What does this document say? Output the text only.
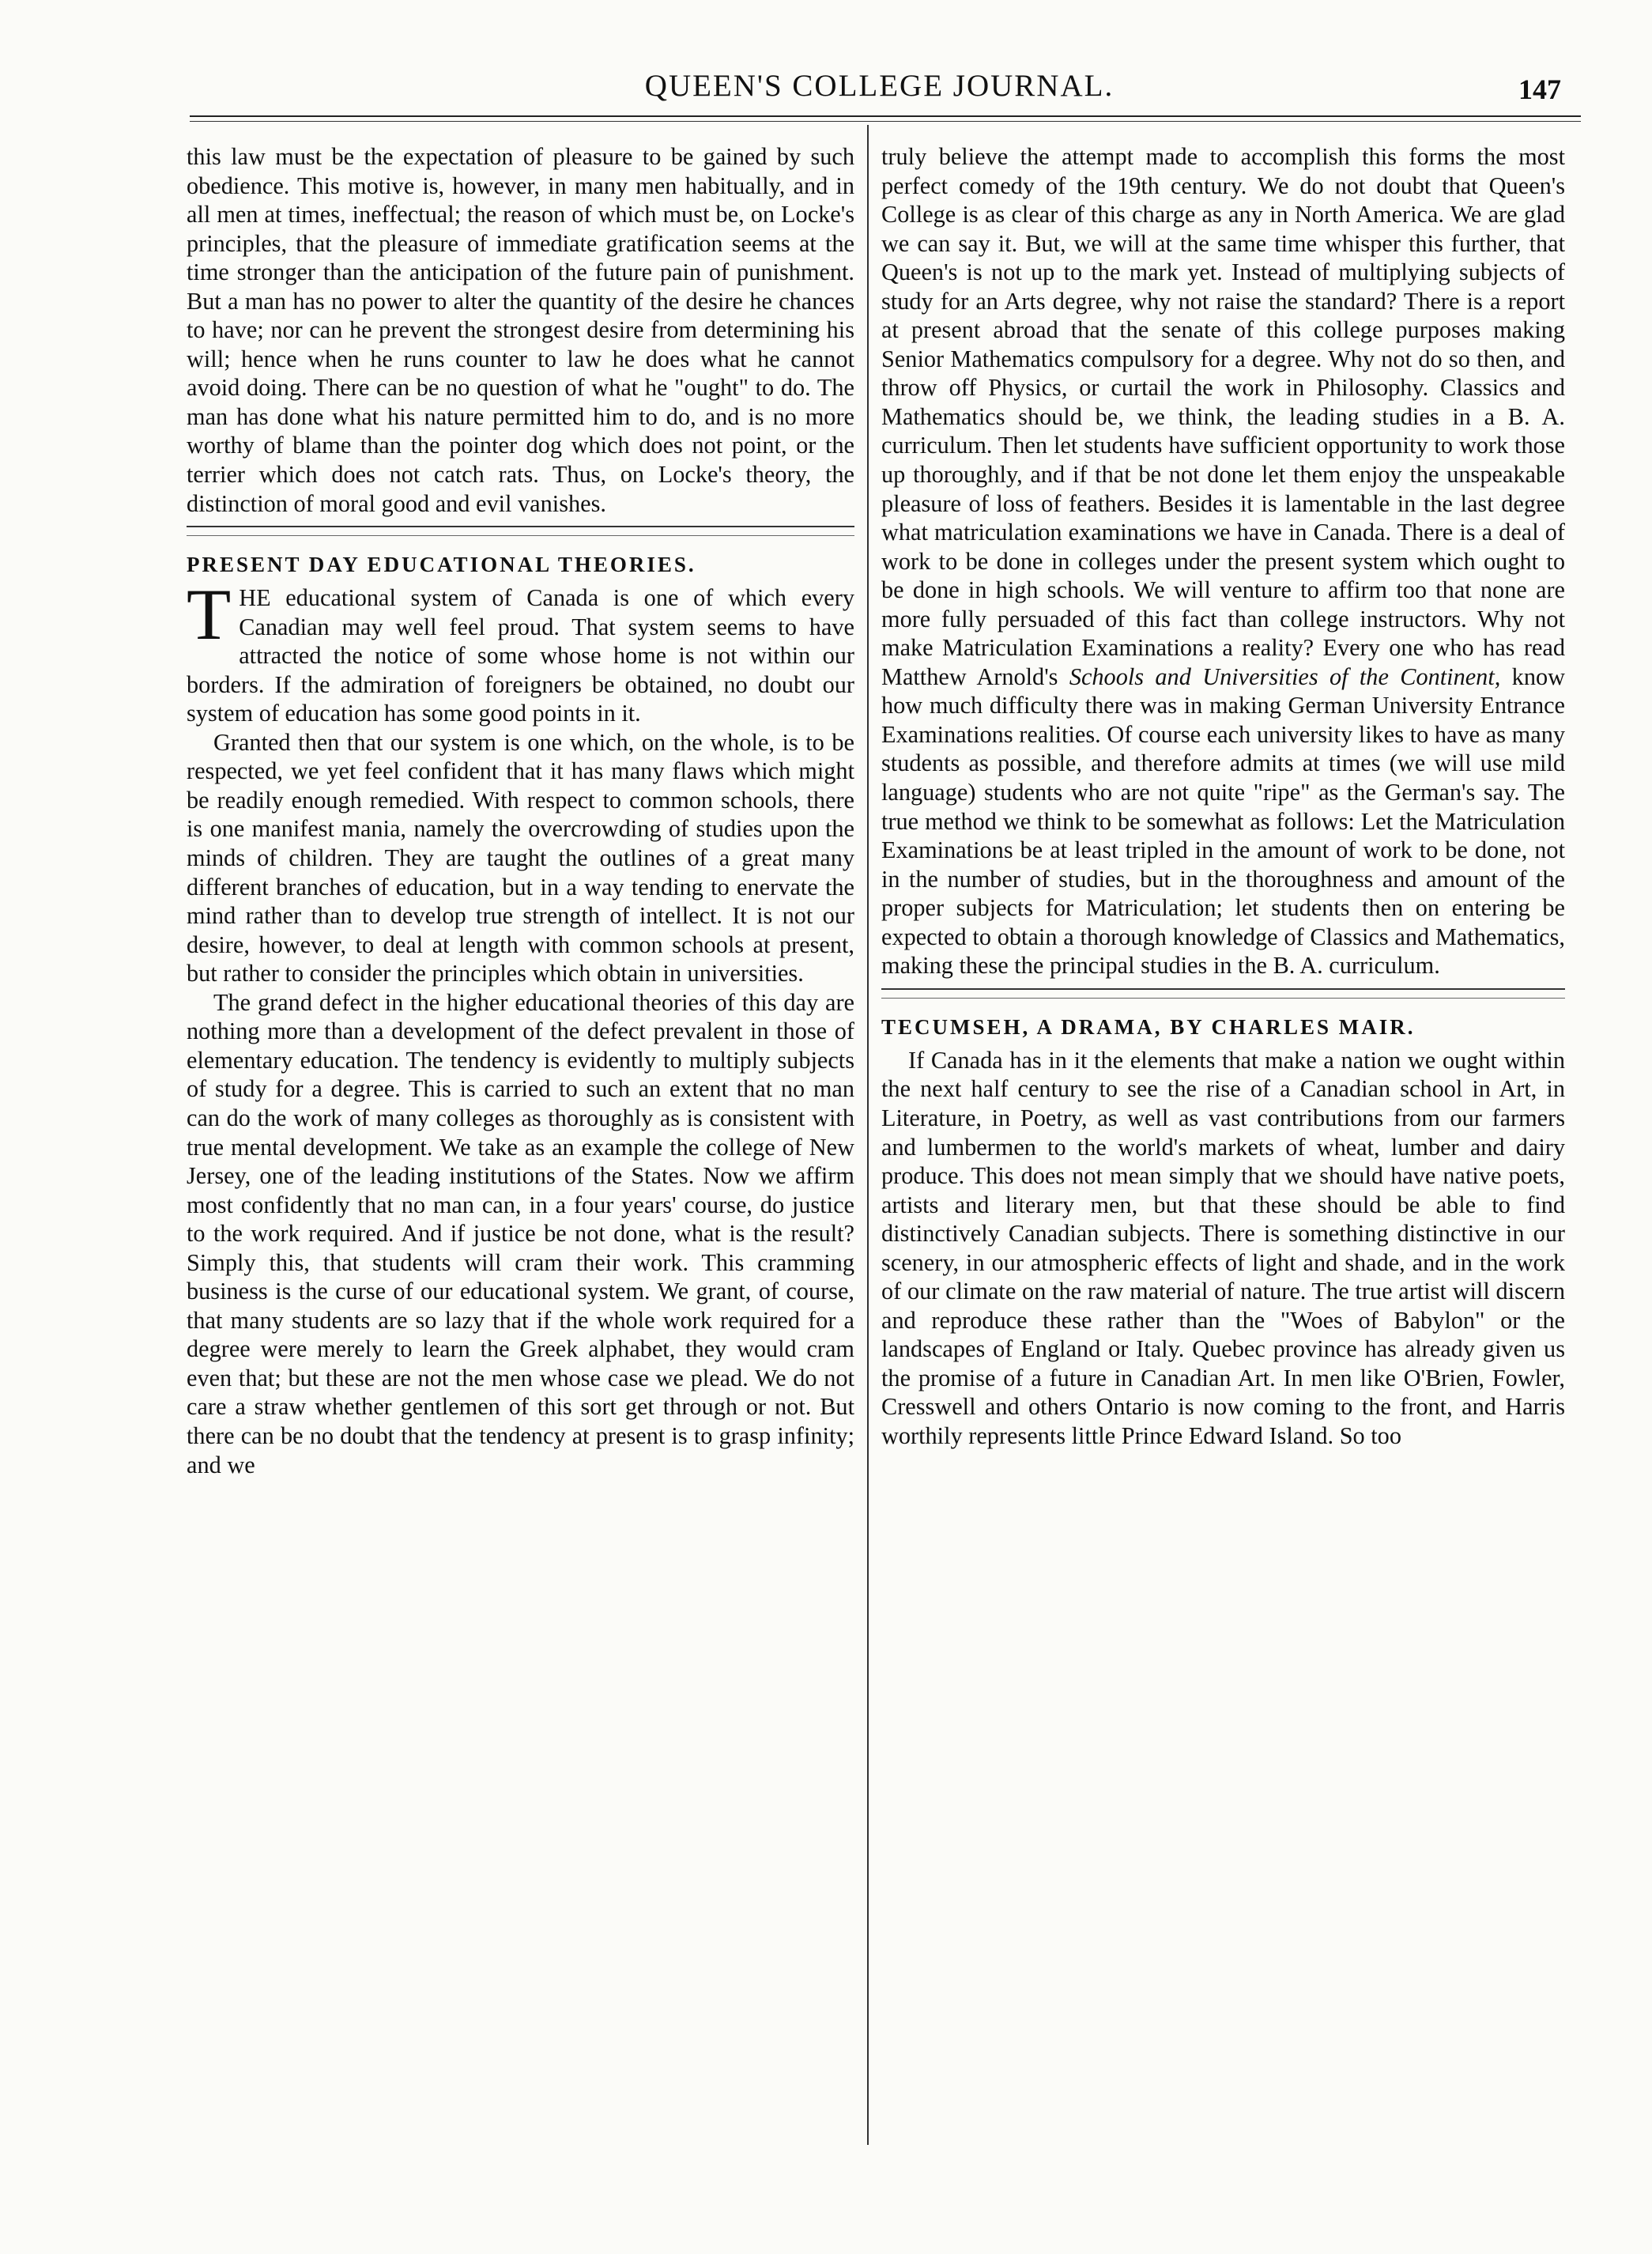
QUEEN'S COLLEGE JOURNAL.	147

this law must be the expectation of pleasure to be gained by such obedience. This motive is, however, in many men habitually, and in all men at times, ineffectual; the reason of which must be, on Locke's principles, that the pleasure of immediate gratification seems at the time stronger than the anticipation of the future pain of punishment. But a man has no power to alter the quantity of the desire he chances to have; nor can he prevent the strongest desire from determining his will; hence when he runs counter to law he does what he cannot avoid doing. There can be no question of what he "ought" to do. The man has done what his nature permitted him to do, and is no more worthy of blame than the pointer dog which does not point, or the terrier which does not catch rats. Thus, on Locke's theory, the distinction of moral good and evil vanishes.

PRESENT DAY EDUCATIONAL THEORIES.

THE educational system of Canada is one of which every Canadian may well feel proud. That system seems to have attracted the notice of some whose home is not within our borders. If the admiration of foreigners be obtained, no doubt our system of education has some good points in it.

Granted then that our system is one which, on the whole, is to be respected, we yet feel confident that it has many flaws which might be readily enough remedied. With respect to common schools, there is one manifest mania, namely the overcrowding of studies upon the minds of children. They are taught the outlines of a great many different branches of education, but in a way tending to enervate the mind rather than to develop true strength of intellect. It is not our desire, however, to deal at length with common schools at present, but rather to consider the principles which obtain in universities.

The grand defect in the higher educational theories of this day are nothing more than a development of the defect prevalent in those of elementary education. The tendency is evidently to multiply subjects of study for a degree. This is carried to such an extent that no man can do the work of many colleges as thoroughly as is consistent with true mental development. We take as an example the college of New Jersey, one of the leading institutions of the States. Now we affirm most confidently that no man can, in a four years' course, do justice to the work required. And if justice be not done, what is the result? Simply this, that students will cram their work. This cramming business is the curse of our educational system. We grant, of course, that many students are so lazy that if the whole work required for a degree were merely to learn the Greek alphabet, they would cram even that; but these are not the men whose case we plead. We do not care a straw whether gentlemen of this sort get through or not. But there can be no doubt that the tendency at present is to grasp infinity; and we

truly believe the attempt made to accomplish this forms the most perfect comedy of the 19th century. We do not doubt that Queen's College is as clear of this charge as any in North America. We are glad we can say it. But, we will at the same time whisper this further, that Queen's is not up to the mark yet. Instead of multiplying subjects of study for an Arts degree, why not raise the standard? There is a report at present abroad that the senate of this college purposes making Senior Mathematics compulsory for a degree. Why not do so then, and throw off Physics, or curtail the work in Philosophy. Classics and Mathematics should be, we think, the leading studies in a B. A. curriculum. Then let students have sufficient opportunity to work those up thoroughly, and if that be not done let them enjoy the unspeakable pleasure of loss of feathers. Besides it is lamentable in the last degree what matriculation examinations we have in Canada. There is a deal of work to be done in colleges under the present system which ought to be done in high schools. We will venture to affirm too that none are more fully persuaded of this fact than college instructors. Why not make Matriculation Examinations a reality? Every one who has read Matthew Arnold's Schools and Universities of the Continent, know how much difficulty there was in making German University Entrance Examinations realities. Of course each university likes to have as many students as possible, and therefore admits at times (we will use mild language) students who are not quite "ripe" as the German's say. The true method we think to be somewhat as follows: Let the Matriculation Examinations be at least tripled in the amount of work to be done, not in the number of studies, but in the thoroughness and amount of the proper subjects for Matriculation; let students then on entering be expected to obtain a thorough knowledge of Classics and Mathematics, making these the principal studies in the B. A. curriculum.

TECUMSEH, A DRAMA, BY CHARLES MAIR.

If Canada has in it the elements that make a nation we ought within the next half century to see the rise of a Canadian school in Art, in Literature, in Poetry, as well as vast contributions from our farmers and lumbermen to the world's markets of wheat, lumber and dairy produce. This does not mean simply that we should have native poets, artists and literary men, but that these should be able to find distinctively Canadian subjects. There is something distinctive in our scenery, in our atmospheric effects of light and shade, and in the work of our climate on the raw material of nature. The true artist will discern and reproduce these rather than the "Woes of Babylon" or the landscapes of England or Italy. Quebec province has already given us the promise of a future in Canadian Art. In men like O'Brien, Fowler, Cresswell and others Ontario is now coming to the front, and Harris worthily represents little Prince Edward Island. So too
